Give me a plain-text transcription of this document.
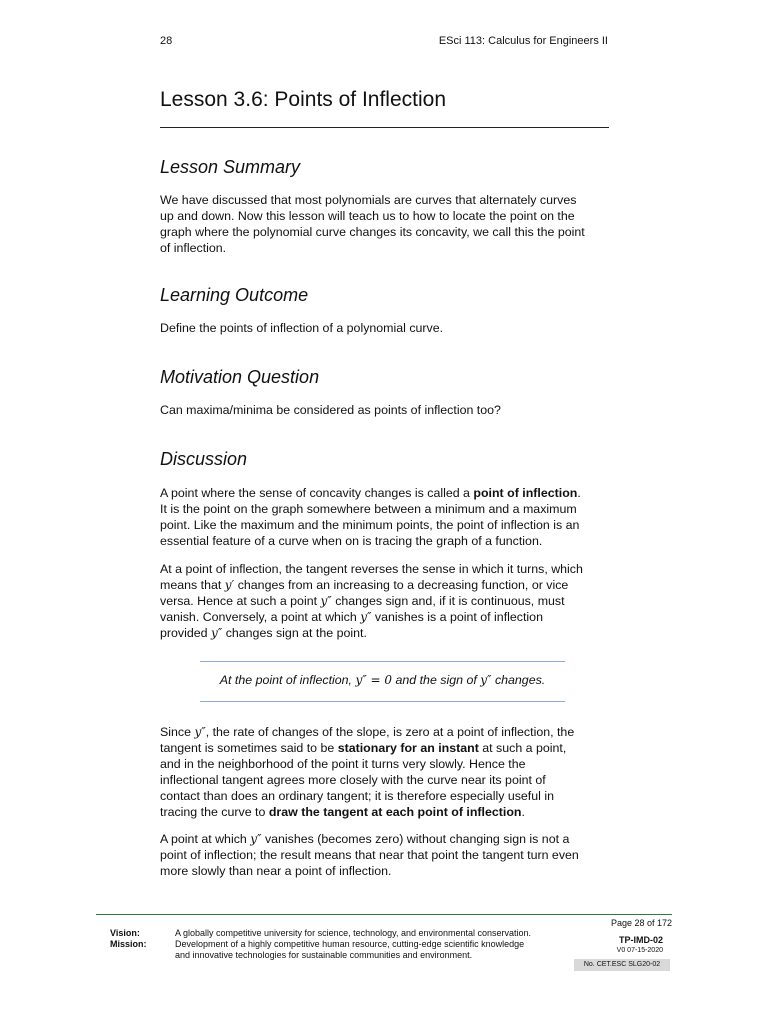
28	ESci 113: Calculus for Engineers II
Lesson 3.6: Points of Inflection
Lesson Summary
We have discussed that most polynomials are curves that alternately curves
up and down. Now this lesson will teach us to how to locate the point on the
graph where the polynomial curve changes its concavity, we call this the point
of inflection.
Learning Outcome
Define the points of inflection of a polynomial curve.
Motivation Question
Can maxima/minima be considered as points of inflection too?
Discussion
A point where the sense of concavity changes is called a point of inflection.
It is the point on the graph somewhere between a minimum and a maximum
point. Like the maximum and the minimum points, the point of inflection is an
essential feature of a curve when on is tracing the graph of a function.
At a point of inflection, the tangent reverses the sense in which it turns, which
means that y′ changes from an increasing to a decreasing function, or vice
versa. Hence at such a point y″ changes sign and, if it is continuous, must
vanish. Conversely, a point at which y″ vanishes is a point of inflection
provided y″ changes sign at the point.
At the point of inflection, y″ = 0 and the sign of y″ changes.
Since y″, the rate of changes of the slope, is zero at a point of inflection, the
tangent is sometimes said to be stationary for an instant at such a point,
and in the neighborhood of the point it turns very slowly. Hence the
inflectional tangent agrees more closely with the curve near its point of
contact than does an ordinary tangent; it is therefore especially useful in
tracing the curve to draw the tangent at each point of inflection.
A point at which y″ vanishes (becomes zero) without changing sign is not a
point of inflection; the result means that near that point the tangent turn even
more slowly than near a point of inflection.
Vision:	A globally competitive university for science, technology, and environmental conservation.
Mission:	Development of a highly competitive human resource, cutting-edge scientific knowledge
and innovative technologies for sustainable communities and environment.
Page 28 of 172
TP-IMD-02
V0 07-15-2020
No. CET.ESC SLG20-02
